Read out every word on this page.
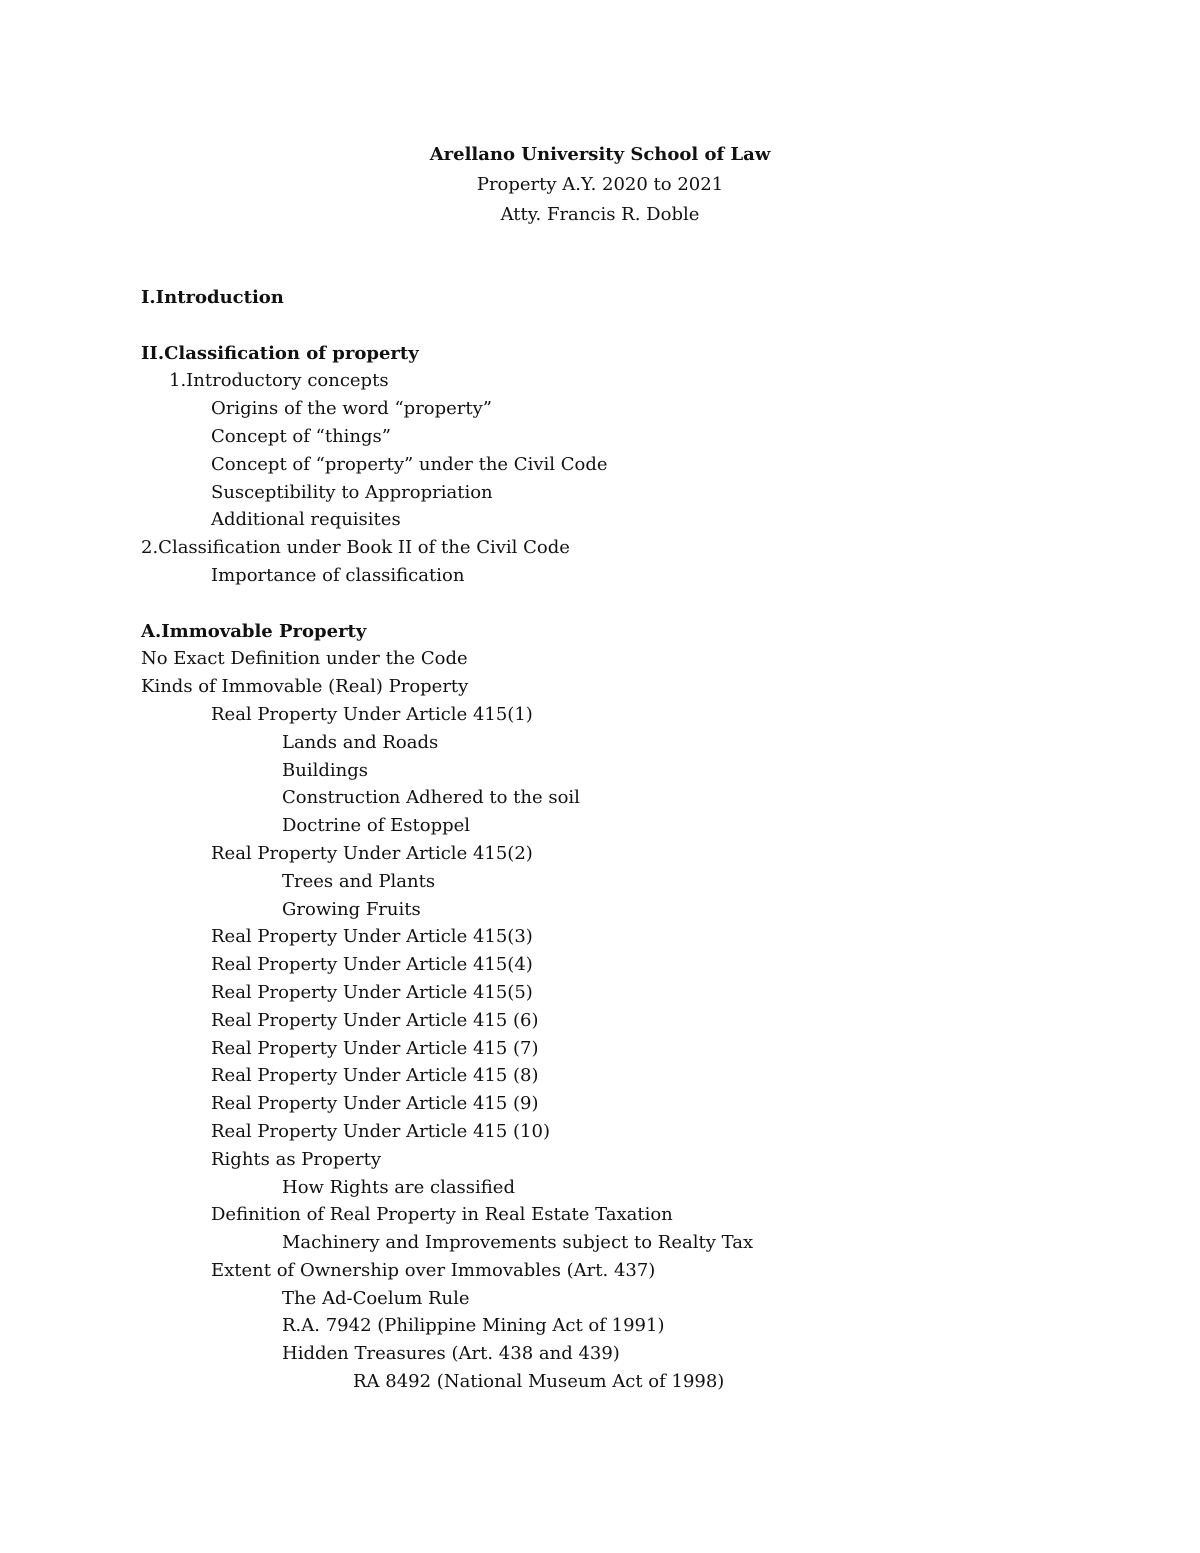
Arellano University School of Law
Property A.Y. 2020 to 2021
Atty. Francis R. Doble
I.Introduction
II.Classification of property
1.Introductory concepts
Origins of the word “property”
Concept of “things”
Concept of “property” under the Civil Code
Susceptibility to Appropriation
Additional requisites
2.Classification under Book II of the Civil Code
Importance of classification
A.Immovable Property
No Exact Definition under the Code
Kinds of Immovable (Real) Property
Real Property Under Article 415(1)
Lands and Roads
Buildings
Construction Adhered to the soil
Doctrine of Estoppel
Real Property Under Article 415(2)
Trees and Plants
Growing Fruits
Real Property Under Article 415(3)
Real Property Under Article 415(4)
Real Property Under Article 415(5)
Real Property Under Article 415 (6)
Real Property Under Article 415 (7)
Real Property Under Article 415 (8)
Real Property Under Article 415 (9)
Real Property Under Article 415 (10)
Rights as Property
How Rights are classified
Definition of Real Property in Real Estate Taxation
Machinery and Improvements subject to Realty Tax
Extent of Ownership over Immovables (Art. 437)
The Ad-Coelum Rule
R.A. 7942 (Philippine Mining Act of 1991)
Hidden Treasures (Art. 438 and 439)
RA 8492 (National Museum Act of 1998)
